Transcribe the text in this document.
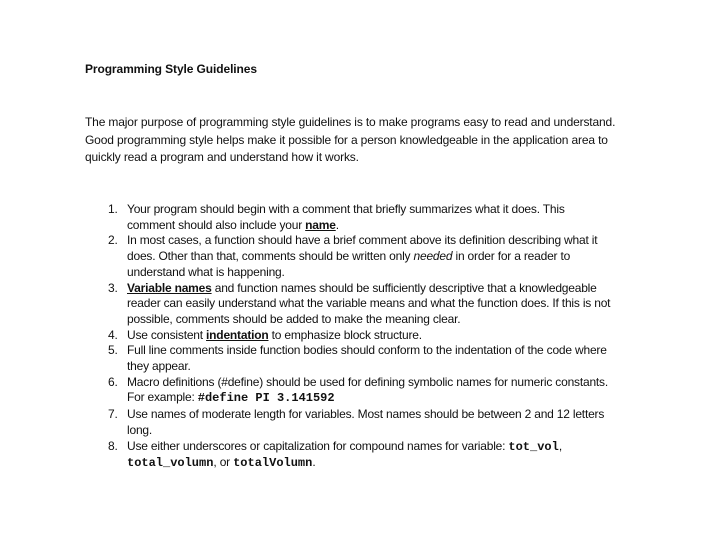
Programming Style Guidelines
The major purpose of programming style guidelines is to make programs easy to read and understand.
Good programming style helps make it possible for a person knowledgeable in the application area to
quickly read a program and understand how it works.
1. Your program should begin with a comment that briefly summarizes what it does. This
comment should also include your name.
2. In most cases, a function should have a brief comment above its definition describing what it
does. Other than that, comments should be written only needed in order for a reader to
understand what is happening.
3. Variable names and function names should be sufficiently descriptive that a knowledgeable
reader can easily understand what the variable means and what the function does. If this is not
possible, comments should be added to make the meaning clear.
4. Use consistent indentation to emphasize block structure.
5. Full line comments inside function bodies should conform to the indentation of the code where
they appear.
6. Macro definitions (#define) should be used for defining symbolic names for numeric constants.
For example: #define PI 3.141592
7. Use names of moderate length for variables. Most names should be between 2 and 12 letters
long.
8. Use either underscores or capitalization for compound names for variable: tot_vol,
total_volumn, or totalVolumn.
